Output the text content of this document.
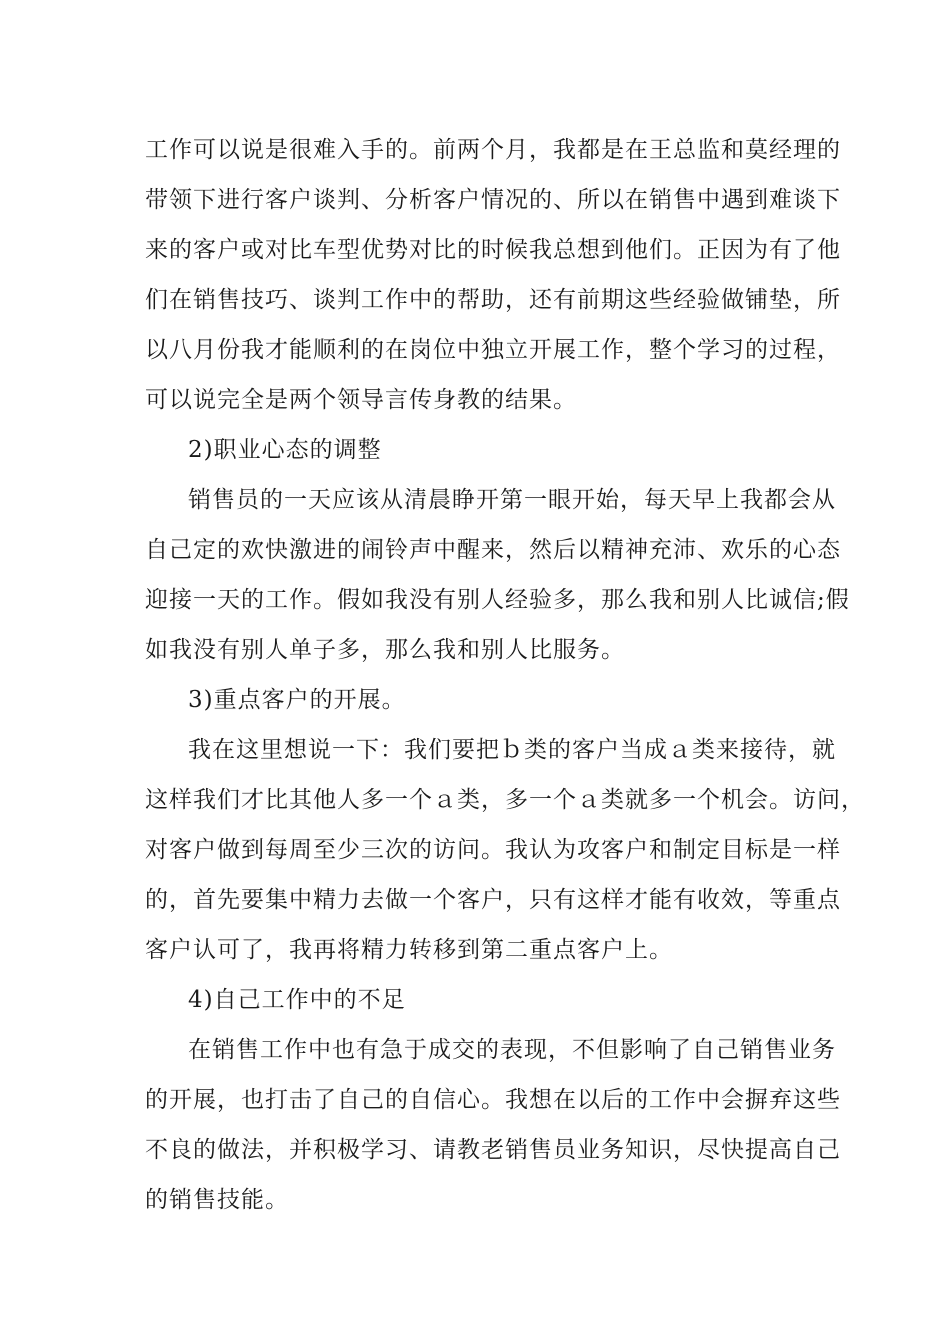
工作可以说是很难入手的。前两个月，我都是在王总监和莫经理的
带领下进行客户谈判、分析客户情况的、所以在销售中遇到难谈下
来的客户或对比车型优势对比的时候我总想到他们。正因为有了他
们在销售技巧、谈判工作中的帮助，还有前期这些经验做铺垫，所
以八月份我才能顺利的在岗位中独立开展工作，整个学习的过程，
可以说完全是两个领导言传身教的结果。
2)职业心态的调整
销售员的一天应该从清晨睁开第一眼开始，每天早上我都会从
自己定的欢快激进的闹铃声中醒来，然后以精神充沛、欢乐的心态
迎接一天的工作。假如我没有别人经验多，那么我和别人比诚信;假
如我没有别人单子多，那么我和别人比服务。
3)重点客户的开展。
我在这里想说一下：我们要把ｂ类的客户当成ａ类来接待，就
这样我们才比其他人多一个ａ类，多一个ａ类就多一个机会。访问，
对客户做到每周至少三次的访问。我认为攻客户和制定目标是一样
的，首先要集中精力去做一个客户，只有这样才能有收效，等重点
客户认可了，我再将精力转移到第二重点客户上。
4)自己工作中的不足
在销售工作中也有急于成交的表现，不但影响了自己销售业务
的开展，也打击了自己的自信心。我想在以后的工作中会摒弃这些
不良的做法，并积极学习、请教老销售员业务知识，尽快提高自己
的销售技能。
